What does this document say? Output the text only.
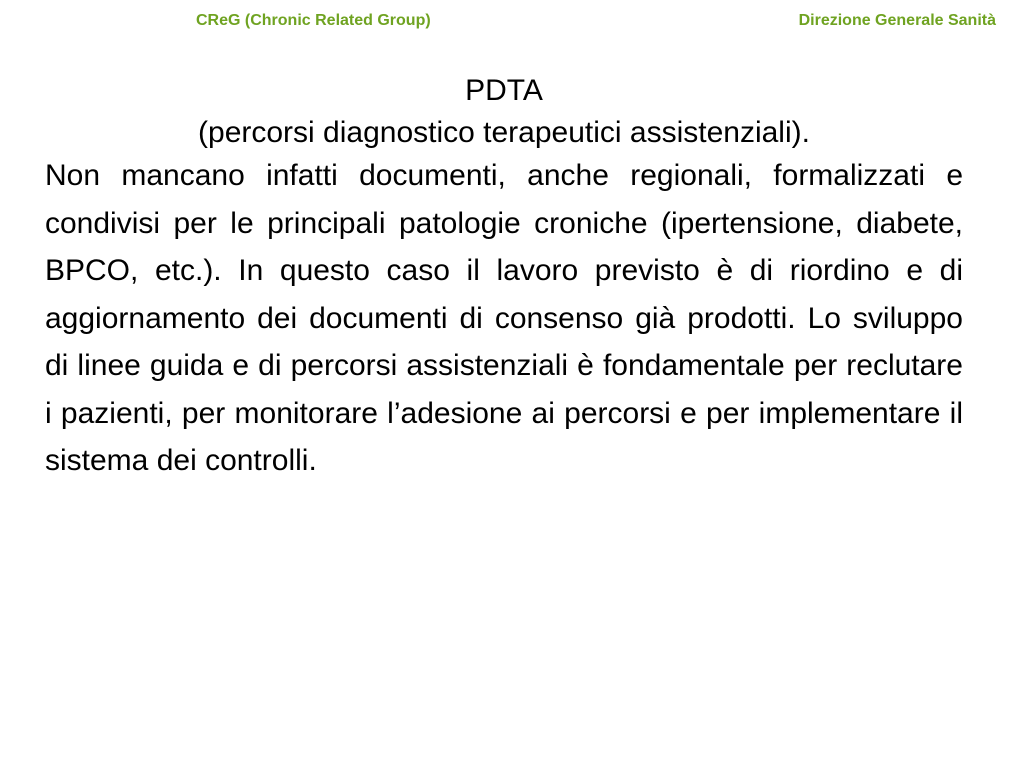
CReG (Chronic Related Group)	Direzione Generale Sanità
PDTA

(percorsi diagnostico terapeutici assistenziali).

Non mancano infatti documenti, anche regionali, formalizzati e condivisi per le principali patologie croniche (ipertensione, diabete, BPCO, etc.). In questo caso il lavoro previsto è di riordino e di aggiornamento dei documenti di consenso già prodotti. Lo sviluppo di linee guida e di percorsi assistenziali è fondamentale per reclutare i pazienti, per monitorare l’adesione ai percorsi e per implementare il sistema dei controlli.
